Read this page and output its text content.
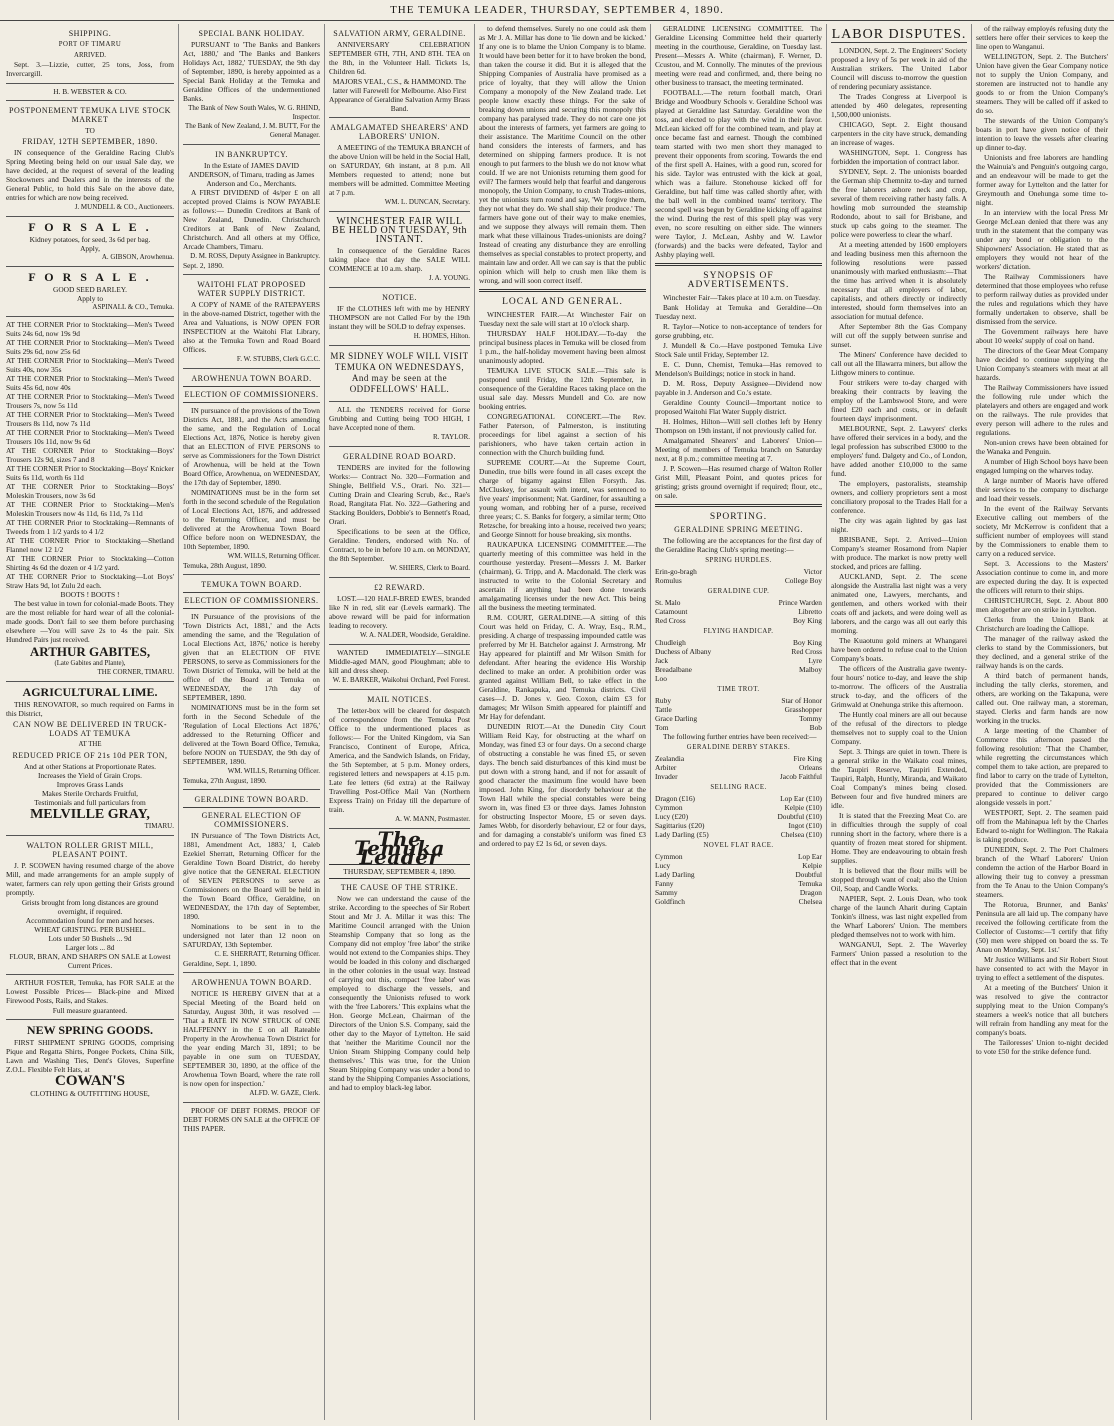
THE TEMUKA LEADER, THURSDAY, SEPTEMBER 4, 1890.
SHIPPING.
PORT OF TIMARU
ARRIVED.
Sept. 3.—Lizzie, cutter, 25 tons, Joss, from Invercargill.
H. B. WEBSTER & CO.
POSTPONEMENT TEMUKA LIVE STOCK MARKET
TO
FRIDAY, 12TH SEPTEMBER, 1890.
IN consequence of the Geraldine Racing Club's Spring Meeting being held on our usual Sale day, we have decided, at the request of several of the leading Stockowners and Dealers and in the interests of the General Public, to hold this Sale on the above date, entries for which are now being received.
J. MUNDELL & CO., Auctioneers.
F O R S A L E .
Kidney potatoes, for seed, 3s 6d per bag.
Apply,
A. GIBSON, Arowhenua.
F O R S A L E .
GOOD SEED BARLEY.
Apply to
ASPINALL & CO., Temuka.
AT THE CORNER Prior to Stocktaking—Men's Tweed Suits 24s 6d, now 19s 9d
AT THE CORNER Prior to Stocktaking—Men's Tweed Suits 29s 6d, now 25s 6d
AT THE CORNER Prior to Stocktaking—Men's Tweed Suits 40s, now 35s
AT THE CORNER Prior to Stocktaking—Men's Tweed Suits 45s 6d, now 40s
AT THE CORNER Prior to Stocktaking—Men's Tweed Trousers 7s, now 5s 11d
AT THE CORNER Prior to Stocktaking—Men's Tweed Trousers 8s 11d, now 7s 11d
AT THE CORNER Prior to Stocktaking—Men's Tweed Trousers 10s 11d, now 9s 6d
AT THE CORNER Prior to Stocktaking—Boys' Trousers 12s 9d, sizes 7 and 8
AT THE CORNER Prior to Stocktaking—Boys' Knicker Suits 6s 11d, worth 6s 11d
AT THE CORNER Prior to Stocktaking—Boys' Moleskin Trousers, now 3s 6d
AT THE CORNER Prior to Stocktaking—Men's Moleskin Trousers now 4s 11d, 6s 11d, 7s 11d
AT THE CORNER Prior to Stocktaking—Remnants of Tweeds from 1 1/2 yards to 4 1/2
AT THE CORNER Prior to Stocktaking—Shetland Flannel now 12 1/2
AT THE CORNER Prior to Stocktaking—Cotton Shirting 4s 6d the dozen or 4 1/2 yard.
AT THE CORNER Prior to Stocktaking—Lot Boys' Straw Hats 9d, lot Zulu 2d each.
BOOTS ! BOOTS !
The best value in town for colonial-made Boots. They are the most reliable for hard wear of all the colonial-made goods. Don't fail to see them before purchasing elsewhere —You will save 2s to 4s the pair. Six Hundred Pairs just received.
ARTHUR GABITES,
(Late Gabites and Plante),
THE CORNER, TIMARU.
AGRICULTURAL LIME.
THIS RENOVATOR, so much required on Farms in this District,
CAN NOW BE DELIVERED IN TRUCK-LOADS AT TEMUKA
AT THE
REDUCED PRICE OF 21s 10d PER TON,
And at other Stations at Proportionate Rates.
Increases the Yield of Grain Crops.
Improves Grass Lands
Makes Sterile Orchards Fruitful,
Testimonials and full particulars from
MELVILLE GRAY,
TIMARU.
WALTON ROLLER GRIST MILL, PLEASANT POINT.
J. P. SCOWEN having resumed charge of the above Mill, and made arrangements for an ample supply of water, farmers can rely upon getting their Grists ground promptly.
Grists brought from long distances are ground overnight, if required.
Accommodation found for men and horses.
WHEAT GRISTING. PER BUSHEL.
Lots under 50 Bushels ... 9d
Larger lots ... 8d
FLOUR, BRAN, AND SHARPS ON SALE at Lowest Current Prices.
ARTHUR FOSTER, Temuka, has FOR SALE at the Lowest Possible Prices— Black-pine and Mixed Firewood Posts, Rails, and Stakes.
Full measure guaranteed.
NEW SPRING GOODS.
FIRST SHIPMENT SPRING GOODS, comprising Pique and Regatta Shirts, Pongee Pockets, China Silk, Lawn and Washing Ties, Dent's Gloves, Superfine Z.O.L. Flexible Felt Hats, at
COWAN'S
CLOTHING & OUTFITTING HOUSE,
SPECIAL BANK HOLIDAY.
PURSUANT to 'The Banks and Bankers Act, 1880,' and 'The Banks and Bankers Holidays Act, 1882,' TUESDAY, the 9th day of September, 1890, is hereby appointed as a Special Bank Holiday at the Temuka and Geraldine Offices of the undermentioned Banks.
The Bank of New South Wales, W. G. RHIND, Inspector.
The Bank of New Zealand, J. M. BUTT, For the General Manager.
IN BANKRUPTCY.
In the Estate of JAMES DAVID ANDERSON, of Timaru, trading as James Anderson and Co., Merchants.
A FIRST DIVIDEND of 4s/per £ on all accepted proved Claims is NOW PAYABLE as follows:— Dunedin Creditors at Bank of New Zealand, Dunedin. Christchurch Creditors at Bank of New Zealand, Christchurch. And all others at my Office, Arcade Chambers, Timaru.
D. M. ROSS, Deputy Assignee in Bankruptcy.
Sept. 2, 1890.
WAITOHI FLAT PROPOSED WATER SUPPLY DISTRICT.
A COPY of NAME of the RATEPAYERS in the above-named District, together with the Area and Valuations, is NOW OPEN FOR INSPECTION at the Waitohi Flat Library, also at the Temuka Town and Road Board Offices.
F. W. STUBBS, Clerk G.C.C.
AROWHENUA TOWN BOARD.
ELECTION OF COMMISSIONERS.
IN pursuance of the provisions of the Town Districts Act, 1881, and the Acts amending the same, and the Regulation of Local Elections Act, 1876, Notice is hereby given that an ELECTION of FIVE PERSONS to serve as Commissioners for the Town District of Arowhenua, will be held at the Town Board Office, Arowhenua, on WEDNESDAY, the 17th day of September, 1890.
NOMINATIONS must be in the form set forth in the second schedule of the Regulation of Local Elections Act, 1876, and addressed to the Returning Officer, and must be delivered at the Arowhenua Town Board Office before noon on WEDNESDAY, the 10th September, 1890.
WM. WILLS, Returning Officer.
Temuka, 28th August, 1890.
TEMUKA TOWN BOARD.
ELECTION OF COMMISSIONERS.
IN Pursuance of the provisions of the 'Town Districts Act, 1881,' and the Acts amending the same, and the 'Regulation of Local Elections Act, 1876,' notice is hereby given that an ELECTION OF FIVE PERSONS, to serve as Commissioners for the Town District of Temuka, will be held at the office of the Board at Temuka on WEDNESDAY, the 17th day of SEPTEMBER, 1890.
NOMINATIONS must be in the form set forth in the Second Schedule of the 'Regulation of Local Elections Act 1876,' addressed to the Returning Officer and delivered at the Town Board Office, Temuka, before NOON on TUESDAY, the 9th day of SEPTEMBER, 1890.
WM. WILLS, Returning Officer.
Temuka, 27th August, 1890.
GERALDINE TOWN BOARD.
GENERAL ELECTION OF COMMISSIONERS.
IN Pursuance of 'The Town Districts Act, 1881, Amendment Act, 1883,' I, Caleb Ezekiel Sherratt, Returning Officer for the Geraldine Town Board District, do hereby give notice that the GENERAL ELECTION of SEVEN PERSONS to serve as Commissioners on the Board will be held in the Town Board Office, Geraldine, on WEDNESDAY, the 17th day of September, 1890.
Nominations to be sent in to the undersigned not later than 12 noon on SATURDAY, 13th September.
C. E. SHERRATT, Returning Officer.
Geraldine, Sept. 1, 1890.
AROWHENUA TOWN BOARD.
NOTICE IS HEREBY GIVEN that at a Special Meeting of the Board held on Saturday, August 30th, it was resolved — 'That a RATE IN NOW STRUCK of ONE HALFPENNY in the £ on all Rateable Property in the Arowhenua Town District for the year ending March 31, 1891; to be payable in one sum on TUESDAY, SEPTEMBER 30, 1890, at the office of the Arowhenua Town Board, where the rate roll is now open for inspection.'
ALFD. W. GAZE, Clerk.
PROOF OF DEBT FORMS. PROOF OF DEBT FORMS ON SALE at the OFFICE OF THIS PAPER.
SALVATION ARMY, GERALDINE.
ANNIVERSARY CELEBRATION SEPTEMBER 6TH, 7TH, AND 8TH. TEA on the 8th, in the Volunteer Hall. Tickets 1s, Children 6d.
MAJORS VEAL, C.S., & HAMMOND. The latter will Farewell for Melbourne. Also First Appearance of Geraldine Salvation Army Brass Band.
AMALGAMATED SHEARERS' AND LABORERS' UNION.
A MEETING of the TEMUKA BRANCH of the above Union will be held in the Social Hall, on SATURDAY, 6th instant, at 8 p.m. All Members requested to attend; none but members will be admitted. Committee Meeting at 7 p.m.
WM. L. DUNCAN, Secretary.
WINCHESTER FAIR WILL BE HELD ON TUESDAY, 9th INSTANT.
In consequence of the Geraldine Races taking place that day the SALE WILL COMMENCE at 10 a.m. sharp.
J. A. YOUNG.
NOTICE.
IF the CLOTHES left with me by HENRY THOMPSON are not Called For by the 19th instant they will be SOLD to defray expenses.
H. HOMES, Hilton.
MR SIDNEY WOLF WILL VISIT TEMUKA ON WEDNESDAYS, And may be seen at the ODDFELLOWS' HALL.
ALL the TENDERS received for Gorse Grubbing and Cutting being TOO HIGH, I have Accepted none of them.
R. TAYLOR.
GERALDINE ROAD BOARD.
TENDERS are invited for the following Works:— Contract No. 320—Formation and Shingle, Bellfield V.S., Orari. No. 321—Cutting Drain and Clearing Scrub, &c., Rae's Road, Rangitata Flat. No. 322—Gathering and Stacking Boulders, Dobbie's to Bennett's Road, Orari.
Specifications to be seen at the Office, Geraldine. Tenders, endorsed with No. of Contract, to be in before 10 a.m. on MONDAY, the 8th September.
W. SHIERS, Clerk to Board.
£2 REWARD.
LOST.—120 HALF-BRED EWES, branded like N in red, slit ear (Levels earmark). The above reward will be paid for information leading to recovery.
W. A. NALDER, Woodside, Geraldine.
WANTED IMMEDIATELY—SINGLE Middle-aged MAN, good Ploughman; able to kill and dress sheep.
W. E. BARKER, Waikohui Orchard, Peel Forest.
MAIL NOTICES.
The letter-box will be cleared for despatch of correspondence from the Temuka Post Office to the undermentioned places as follows:— For the United Kingdom, via San Francisco, Continent of Europe, Africa, America, and the Sandwich Islands, on Friday, the 5th September, at 5 p.m. Money orders, registered letters and newspapers at 4.15 p.m. Late fee letters (6d extra) at the Railway Travelling Post-Office Mail Van (Northern Express Train) on Friday till the departure of train.
A. W. MANN, Postmaster.
The Temuka Leader
THURSDAY, SEPTEMBER 4, 1890.
THE CAUSE OF THE STRIKE.
Now we can understand the cause of the strike. According to the speeches of Sir Robert Stout and Mr J. A. Millar it was this: The Maritime Council arranged with the Union Steamship Company that so long as the Company did not employ 'free labor' the strike would not extend to the Companies ships. They would be loaded in this colony and discharged in the other colonies in the usual way. Instead of carrying out this, compact 'free labor' was employed to discharge the vessels, and consequently the Unionists refused to work with the 'free Laborers.' This explains what the Hon. George McLean, Chairman of the Directors of the Union S.S. Company, said the other day to the Mayor of Lyttelton. He said that 'neither the Maritime Council nor the Union Steam Shipping Company could help themselves.' This was true, for the Union Steam Shipping Company was under a bond to stand by the Shipping Companies Associations, and had to employ black-leg labor.
to defend themselves. Surely no one could ask them as Mr J. A. Millar has done to 'lie down and be kicked.' If any one is to blame the Union Company is to blame. It would have been better for it to have broken the bond, than taken the course it did. But it is alleged that the Shipping Companies of Australia have promised as a price of loyalty, that they will allow the Union Company a monopoly of the New Zealand trade. Let people know exactly these things. For the sake of breaking down unions and securing this monopoly this company has paralysed trade. They do not care one jot about the interests of farmers, yet farmers are going to their assistance. The Maritime Council on the other hand considers the interests of farmers, and has determined on shipping farmers produce. It is not enough to put farmers to the blush we do not know what could. If we are not Unionists returning them good for evil? The farmers would help that fearful and dangerous monopoly, the Union Company, to crush Trades-unions, yet the unionists turn round and say, 'We forgive them, they not what they do. We shall ship their produce.' The farmers have gone out of their way to make enemies, and we suppose they always will remain them. Then mark what these villainous Trades-unionists are doing? Instead of creating any disturbance they are enrolling themselves as special constables to protect property, and maintain law and order. All we can say is that the public opinion which will help to crush men like them is wrong, and will soon correct itself.
LOCAL AND GENERAL.

WINCHESTER FAIR.—At Winchester Fair on Tuesday next the sale will start at 10 o'clock sharp.

THURSDAY HALF HOLIDAY.—To-day the principal business places in Temuka will be closed from 1 p.m., the half-holiday movement having been almost unanimously adopted.

TEMUKA LIVE STOCK SALE.—This sale is postponed until Friday, the 12th September, in consequence of the Geraldine Races taking place on the usual sale day. Messrs Mundell and Co. are now booking entries.

CONGREGATIONAL CONCERT.—The Rev. Father Paterson, of Palmerston, is instituting proceedings for libel against a section of his parishioners, who have taken certain action in connection with the Church building fund.

SUPREME COURT.—At the Supreme Court, Dunedin, true bills were found in all cases except the charge of bigamy against Ellen Forsyth. Jas. McCluskey, for assault with intent, was sentenced to five years' imprisonment; Nat. Gardiner, for assaulting a young woman, and robbing her of a purse, received three years; C. S. Banks for forgery, a similar term; Otto Retzsche, for breaking into a house, received two years; and George Sinnott for house breaking, six months.

RAUKAPUKA LICENSING COMMITTEE.—The quarterly meeting of this committee was held in the courthouse yesterday. Present—Messrs J. M. Barker (chairman), G. Tripp, and A. Macdonald. The clerk was instructed to write to the Colonial Secretary and ascertain if anything had been done towards amalgamating licenses under the new Act. This being all the business the meeting terminated.

R.M. COURT, GERALDINE.—A sitting of this Court was held on Friday, C. A. Wray, Esq., R.M., presiding. A charge of trespassing impounded cattle was preferred by Mr H. Batchelor against J. Armstrong. Mr Hay appeared for plaintiff and Mr Wilson Smith for defendant. After hearing the evidence His Worship declined to make an order. A prohibition order was granted against William Bell, to take effect in the Geraldine, Rankapuka, and Temuka districts. Civil cases—J. D. Jones v. Geo. Coxon, claim £3 for damages; Mr Wilson Smith appeared for plaintiff and Mr Hay for defendant.

DUNEDIN RIOT.—At the Dunedin City Court William Reid Kay, for obstructing at the wharf on Monday, was fined £3 or four days. On a second charge of obstructing a constable he was fined £5, or seven days. The bench said disturbances of this kind must be put down with a strong hand, and if not for assault of good character the maximum fine would have been imposed. John King, for disorderly behaviour at the Town Hall while the special constables were being sworn in, was fined £3 or three days. James Johnston for obstructing Inspector Moore, £5 or seven days. James Webb, for disorderly behaviour, £2 or four days, and for damaging a constable's uniform was fined £3 and ordered to pay £2 1s 6d, or seven days.

GERALDINE LICENSING COMMITTEE. The Geraldine Licensing Committee held their quarterly meeting in the courthouse, Geraldine, on Tuesday last. Present—Messrs A. White (chairman), F. Werner, D. Ccustou, and M. Connolly. The minutes of the previous meeting were read and confirmed, and, there being no other business to transact, the meeting terminated.
FOOTBALL.—The return football match, Orari Bridge and Woodbury Schools v. Geraldine School was played at Geraldine last Saturday. Geraldine won the toss, and elected to play with the wind in their favor. McLean kicked off for the combined team, and play at once became fast and earnest. Though the combined team started with two men short they managed to prevent their opponents from scoring. Towards the end of the first spell A. Haines, with a good run, scored for his side. Taylor was entrusted with the kick at goal, which was a failure. Stonehouse kicked off for Geraldine, but half time was called shortly after, with the ball well in the combined teams' territory. The second spell was begun by Geraldine kicking off against the wind. During the rest of this spell play was very even, no score resulting on either side. The winners were Taylor, J. McLean, Ashby and W. Lawlor (forwards) and the backs were defeated, Taylor and Ashby playing well.
SYNOPSIS OF ADVERTISEMENTS.

Winchester Fair—Takes place at 10 a.m. on Tuesday.

Bank Holiday at Temuka and Geraldine—On Tuesday next.

R. Taylor—Notice to non-acceptance of tenders for gorse grubbing, etc.

J. Mundell & Co.—Have postponed Temuka Live Stock Sale until Friday, September 12.

E. C. Dunn, Chemist, Temuka—Has removed to Mendelson's Buildings; notice in stock in hand.

D. M. Ross, Deputy Assignee—Dividend now payable in J. Anderson and Co.'s estate.

Geraldine County Council—Important notice to proposed Waitohi Flat Water Supply district.

H. Holmes, Hilton—Will sell clothes left by Henry Thompson on 19th instant, if not previously called for.

Amalgamated Shearers' and Laborers' Union—Meeting of members of Temuka branch on Saturday next, at 8 p.m.; committee meeting at 7.

J. P. Scowen—Has resumed charge of Walton Roller Grist Mill, Pleasant Point, and quotes prices for gristing; grists ground overnight if required; flour, etc., on sale.

SPORTING.
GERALDINE SPRING MEETING.
The following are the acceptances for the first day of the Geraldine Racing Club's spring meeting:—
SPRING HURDLES.
Erin-go-bragh	Victor
Romulus	College Boy
GERALDINE CUP.
St. Malo	Prince Warden
Catamount	Libretto
Red Cross	Boy King
FLYING HANDICAP.
Chudleigh	Boy King
Duchess of Albany	Red Cross
Jack	Lyre
Breadalbane	Malboy
Loo
TIME TROT.
Ruby	Star of Honor
Tattle	Grasshopper
Grace Darling	Tommy
Tom	Bob
The following further entries have been received:—
GERALDINE DERBY STAKES.
Zealandia	Fire King
Arbiter	Orleans
Invader	Jacob Faithful
SELLING RACE.
Dragon (£16)	Lop Ear (£10)
Cymmon	Kelpie (£10)
Lucy (£20)	Doubtful (£10)
Sagittarius (£20)	Ingot (£10)
Lady Darling (£5)	Chelsea (£10)
NOVEL FLAT RACE.
Cymmon	Lop Ear
Lucy	Kelpie
Lady Darling	Doubtful
Fanny	Temuka
Sammy	Dragon
Goldfinch	Chelsea
LABOR DISPUTES.

LONDON, Sept. 2. The Engineers' Society proposed a levy of 5s per week in aid of the Australian strikers. The United Labor Council will discuss to-morrow the question of rendering pecuniary assistance.

The Trades Congress at Liverpool is attended by 460 delegates, representing 1,500,000 unionists.

CHICAGO, Sept. 2. Eight thousand carpenters in the city have struck, demanding an increase of wages.

WASHINGTON, Sept. 1. Congress has forbidden the importation of contract labor.

SYDNEY, Sept. 2. The unionists boarded the German ship Chemnitz to-day and turned the free laborers ashore neck and crop, several of them receiving rather hasty falls. A howling mob surrounded the steamship Rodondo, about to sail for Brisbane, and stuck up cabs going to the steamer. The police were powerless to clear the wharf.

At a meeting attended by 1600 employers and leading business men this afternoon the following resolutions were passed unanimously with marked enthusiasm:—That the time has arrived when it is absolutely necessary that all employers of labor, capitalists, and others directly or indirectly interested, should form themselves into an association for mutual defence.

After September 8th the Gas Company will cut off the supply between sunrise and sunset.

The Miners' Conference have decided to call out all the Illawarra miners, but allow the Lithgow miners to continue.

Four strikers were to-day charged with breaking their contracts by leaving the employ of the Lambswool Store, and were fined £20 each and costs, or in default fourteen days' imprisonment.

MELBOURNE, Sept. 2. Lawyers' clerks have offered their services in a body, and the legal profession has subscribed £3000 to the employers' fund. Dalgety and Co., of London, have added another £10,000 to the same fund.

The employers, pastoralists, steamship owners, and colliery proprietors sent a most conciliatory proposal to the Trades Hall for a conference.

The city was again lighted by gas last night.

BRISBANE, Sept. 2. Arrived—Union Company's steamer Rosamond from Napier with produce. The market is now pretty well stocked, and prices are falling.

AUCKLAND, Sept. 2. The scene alongside the Australia last night was a very animated one, Lawyers, merchants, and gentlemen, and others worked with their coats off and jackets, and were doing well as laborers, and the cargo was all out early this morning.

The Kuaotunu gold miners at Whangarei have been ordered to refuse coal to the Union Company's boats.

The officers of the Australia gave twenty-four hours' notice to-day, and leave the ship to-morrow. The officers of the Australia struck to-day, and the officers of the Grimwald at Onehunga strike this afternoon.

The Huntly coal miners are all out because of the refusal of the directors to pledge themselves not to supply coal to the Union Company.

Sept. 3. Things are quiet in town. There is a general strike in the Waikato coal mines, the Taupiri Reserve, Taupiri Extended, Taupiri, Ralph, Huntly, Miranda, and Waikato Coal Company's mines being closed. Between four and five hundred miners are idle.

It is stated that the Freezing Meat Co. are in difficulties through the supply of coal running short in the factory, where there is a quantity of frozen meat stored for shipment. Home. They are endeavouring to obtain fresh supplies.

It is believed that the flour mills will be stopped through want of coal; also the Union Oil, Soap, and Candle Works.

NAPIER, Sept. 2. Louis Dean, who took charge of the launch Aharit during Captain Tonkin's illness, was last night expelled from the Wharf Laborers' Union. The members pledged themselves not to work with him.

WANGANUI, Sept. 2. The Waverley Farmers' Union passed a resolution to the effect that in the event

of the railway employés refusing duty the settlers here offer their services to keep the line open to Wanganui.

WELLINGTON, Sept. 2. The Butchers' Union have given the Gear Company notice not to supply the Union Company, and storemen are instructed not to handle any goods to or from the Union Company's steamers. They will be called off if asked to do so.

The stewards of the Union Company's boats in port have given notice of their intention to leave the vessels after clearing up dinner to-day.

Unionists and free laborers are handling the Wainuia's and Penguin's outgoing cargo, and an endeavour will be made to get the former away for Lyttelton and the latter for Greymouth and Onehunga some time to-night.

In an interview with the local Press Mr George McLean denied that there was any truth in the statement that the company was under any bond or obligation to the Shipowners' Association. He stated that as employers they would not hear of the workers' dictation.

The Railway Commissioners have determined that those employees who refuse to perform railway duties as provided under the rules and regulations which they have formally undertaken to observe, shall be dismissed from the service.

The Government railways here have about 10 weeks' supply of coal on hand.

The directors of the Gear Meat Company have decided to continue supplying the Union Company's steamers with meat at all hazards.

The Railway Commissioners have issued the following rule under which the platelayers and others are engaged and work on the railways. The rule provides that every person will adhere to the rules and regulations.

Non-union crews have been obtained for the Wanaka and Penguin.

A number of High School boys have been engaged lumping on the wharves today.

A large number of Maoris have offered their services to the company to discharge and load their vessels.

In the event of the Railway Servants Executive calling out members of the society, Mr McKerrow is confident that a sufficient number of employees will stand by the Commissioners to enable them to carry on a reduced service.

Sept. 3. Accessions to the Masters' Association continue to come in, and more are expected during the day. It is expected the officers will return to their ships.

CHRISTCHURCH, Sept. 2. About 800 men altogether are on strike in Lyttelton.

Clerks from the Union Bank at Christchurch are loading the Calliope.

The manager of the railway asked the clerks to stand by the Commissioners, but they declined, and a general strike of the railway hands is on the cards.

A third batch of permanent hands, including the tally clerks, storemen, and others, are working on the Takapuna, were called out. One railway man, a storeman, stayed. Clerks and farm hands are now working in the trucks.

A large meeting of the Chamber of Commerce this afternoon passed the following resolution: 'That the Chamber, while regretting the circumstances which compel them to take action, are prepared to find labor to carry on the trade of Lyttelton, provided that the Commissioners are prepared to continue to deliver cargo alongside vessels in port.'

WESTPORT, Sept. 2. The seamen paid off from the Mahinapua left by the Charles Edward to-night for Wellington. The Rakaia is taking produce.

DUNEDIN, Sept. 2. The Port Chalmers branch of the Wharf Laborers' Union condemn the action of the Harbor Board in allowing their tug to convey a pressman from the Te Anau to the Union Company's steamers.

The Rotorua, Brunner, and Banks' Peninsula are all laid up. The company have received the following certificate from the Collector of Customs:—'I certify that fifty (50) men were shipped on board the ss. Te Anau on Monday, Sept. 1st.'

Mr Justice Williams and Sir Robert Stout have consented to act with the Mayor in trying to effect a settlement of the disputes.

At a meeting of the Butchers' Union it was resolved to give the contractor supplying meat to the Union Company's steamers a week's notice that all butchers will refrain from handling any meat for the company's boats.

The Tailoresses' Union to-night decided to vote £50 for the strike defence fund.
